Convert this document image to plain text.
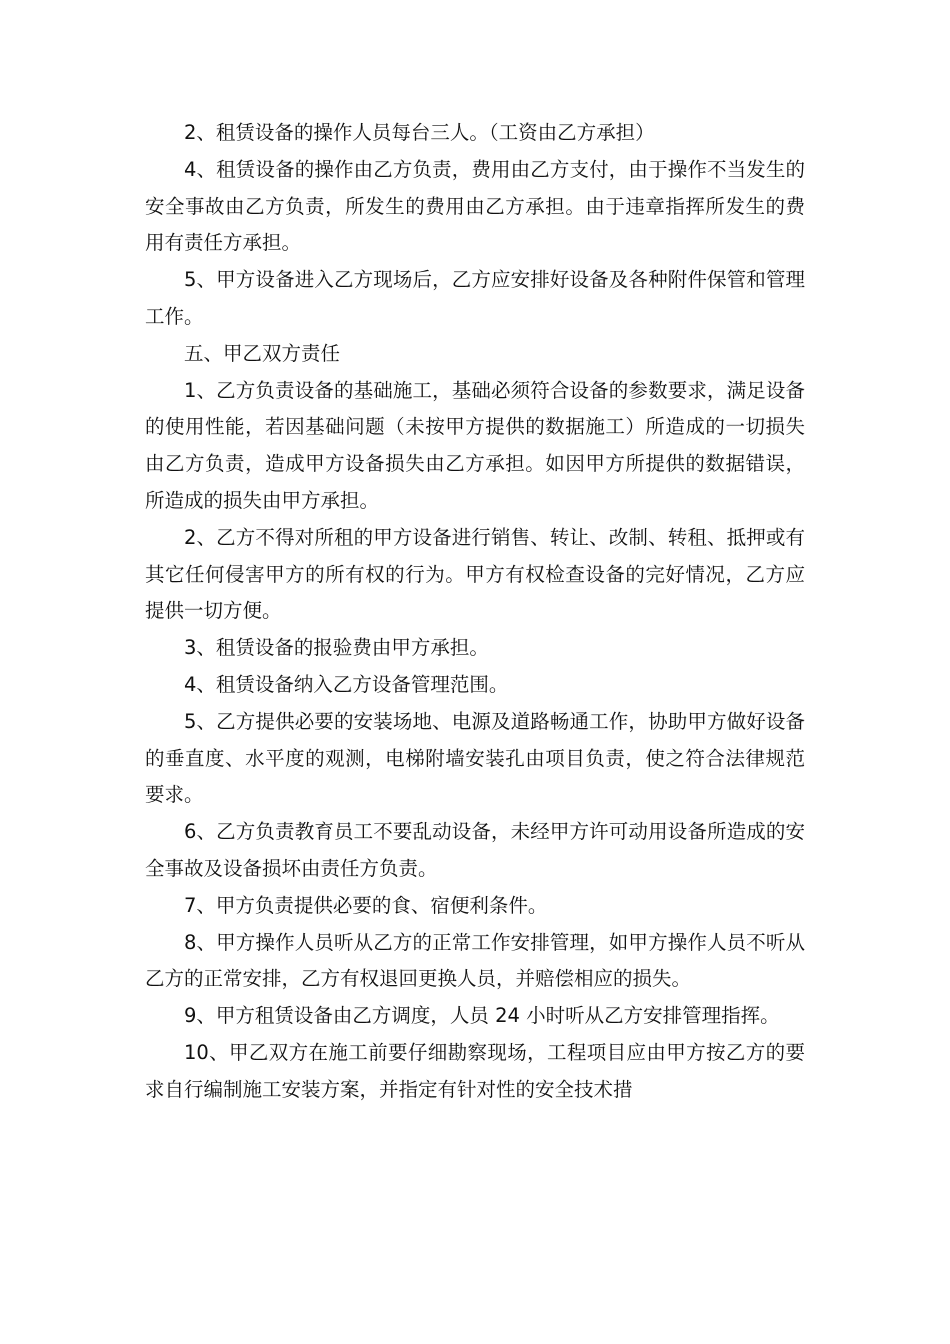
2、租赁设备的操作人员每台三人。（工资由乙方承担）

4、租赁设备的操作由乙方负责，费用由乙方支付，由于操作不当发生的安全事故由乙方负责，所发生的费用由乙方承担。由于违章指挥所发生的费用有责任方承担。

5、甲方设备进入乙方现场后，乙方应安排好设备及各种附件保管和管理工作。

五、甲乙双方责任

1、乙方负责设备的基础施工，基础必须符合设备的参数要求，满足设备的使用性能，若因基础问题（未按甲方提供的数据施工）所造成的一切损失由乙方负责，造成甲方设备损失由乙方承担。如因甲方所提供的数据错误，所造成的损失由甲方承担。

2、乙方不得对所租的甲方设备进行销售、转让、改制、转租、抵押或有其它任何侵害甲方的所有权的行为。甲方有权检查设备的完好情况，乙方应提供一切方便。

3、租赁设备的报验费由甲方承担。

4、租赁设备纳入乙方设备管理范围。

5、乙方提供必要的安装场地、电源及道路畅通工作，协助甲方做好设备的垂直度、水平度的观测，电梯附墙安装孔由项目负责，使之符合法律规范要求。

6、乙方负责教育员工不要乱动设备，未经甲方许可动用设备所造成的安全事故及设备损坏由责任方负责。

7、甲方负责提供必要的食、宿便利条件。

8、甲方操作人员听从乙方的正常工作安排管理，如甲方操作人员不听从乙方的正常安排，乙方有权退回更换人员，并赔偿相应的损失。

9、甲方租赁设备由乙方调度，人员 24 小时听从乙方安排管理指挥。

10、甲乙双方在施工前要仔细勘察现场，工程项目应由甲方按乙方的要求自行编制施工安装方案，并指定有针对性的安全技术措
